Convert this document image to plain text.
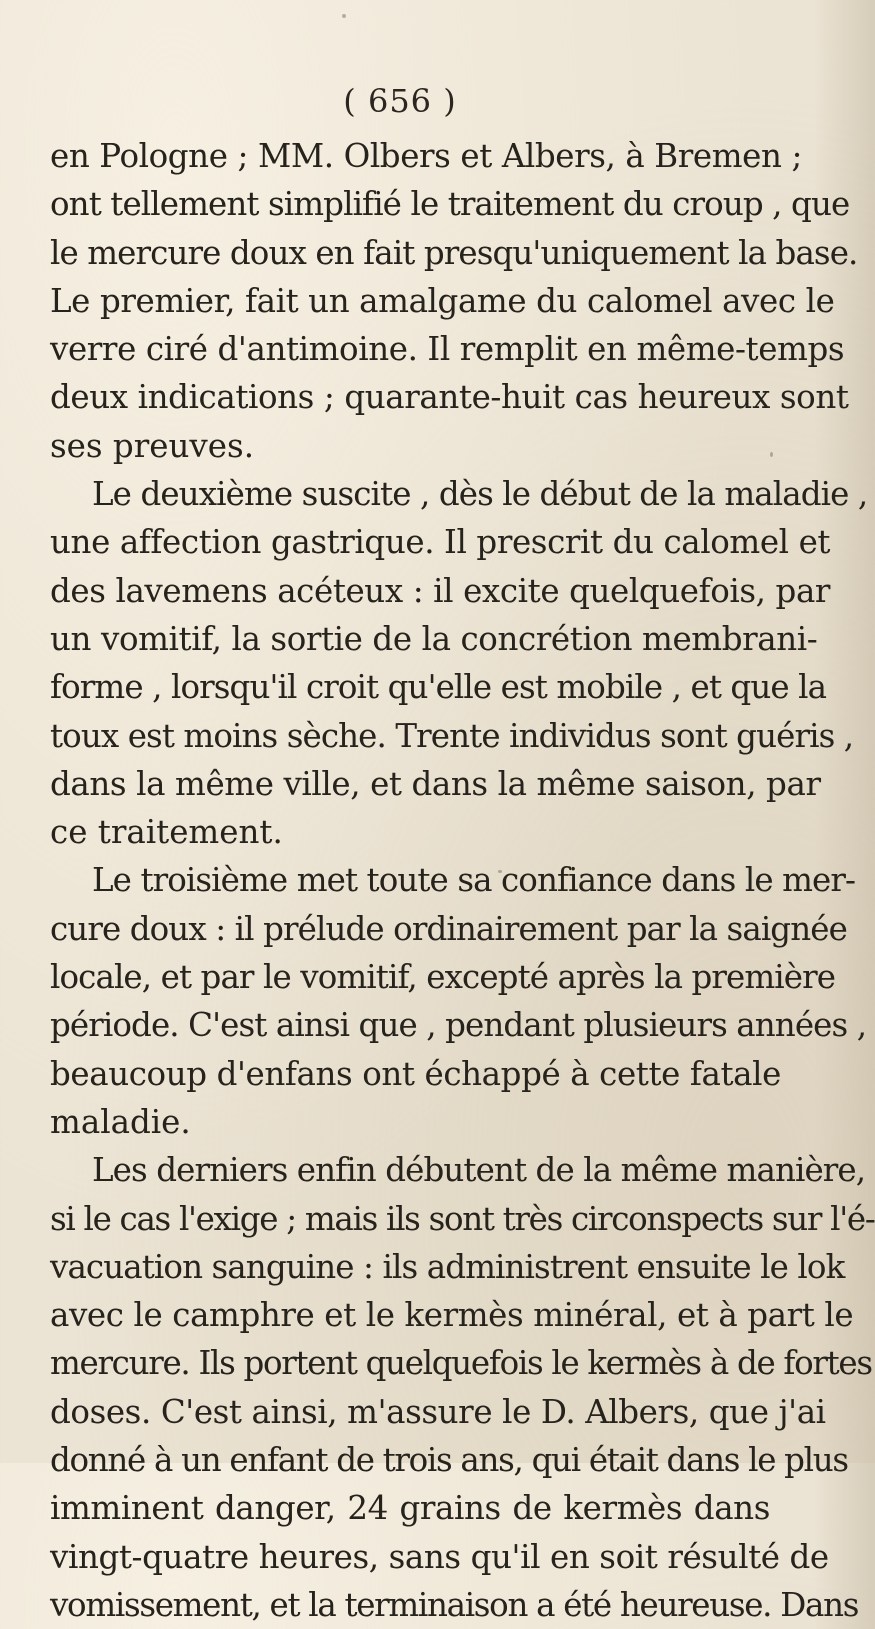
( 656 )
en Pologne ; MM. Olbers et Albers, à Bremen ;
ont tellement simplifié le traitement du croup , que
le mercure doux en fait presqu'uniquement la base.
Le premier, fait un amalgame du calomel avec le
verre ciré d'antimoine. Il remplit en même-temps
deux indications ; quarante-huit cas heureux sont
ses preuves.
Le deuxième suscite , dès le début de la maladie ,
une affection gastrique. Il prescrit du calomel et
des lavemens acéteux : il excite quelquefois, par
un vomitif, la sortie de la concrétion membrani-
forme , lorsqu'il croit qu'elle est mobile , et que la
toux est moins sèche. Trente individus sont guéris ,
dans la même ville, et dans la même saison, par
ce traitement.
Le troisième met toute sa confiance dans le mer-
cure doux : il prélude ordinairement par la saignée
locale, et par le vomitif, excepté après la première
période. C'est ainsi que , pendant plusieurs années ,
beaucoup d'enfans ont échappé à cette fatale
maladie.
Les derniers enfin débutent de la même manière,
si le cas l'exige ; mais ils sont très circonspects sur l'é-
vacuation sanguine : ils administrent ensuite le lok
avec le camphre et le kermès minéral, et à part le
mercure. Ils portent quelquefois le kermès à de fortes
doses. C'est ainsi, m'assure le D. Albers, que j'ai
donné à un enfant de trois ans, qui était dans le plus
imminent danger, 24 grains de kermès dans
vingt-quatre heures, sans qu'il en soit résulté de
vomissement, et la terminaison a été heureuse. Dans
